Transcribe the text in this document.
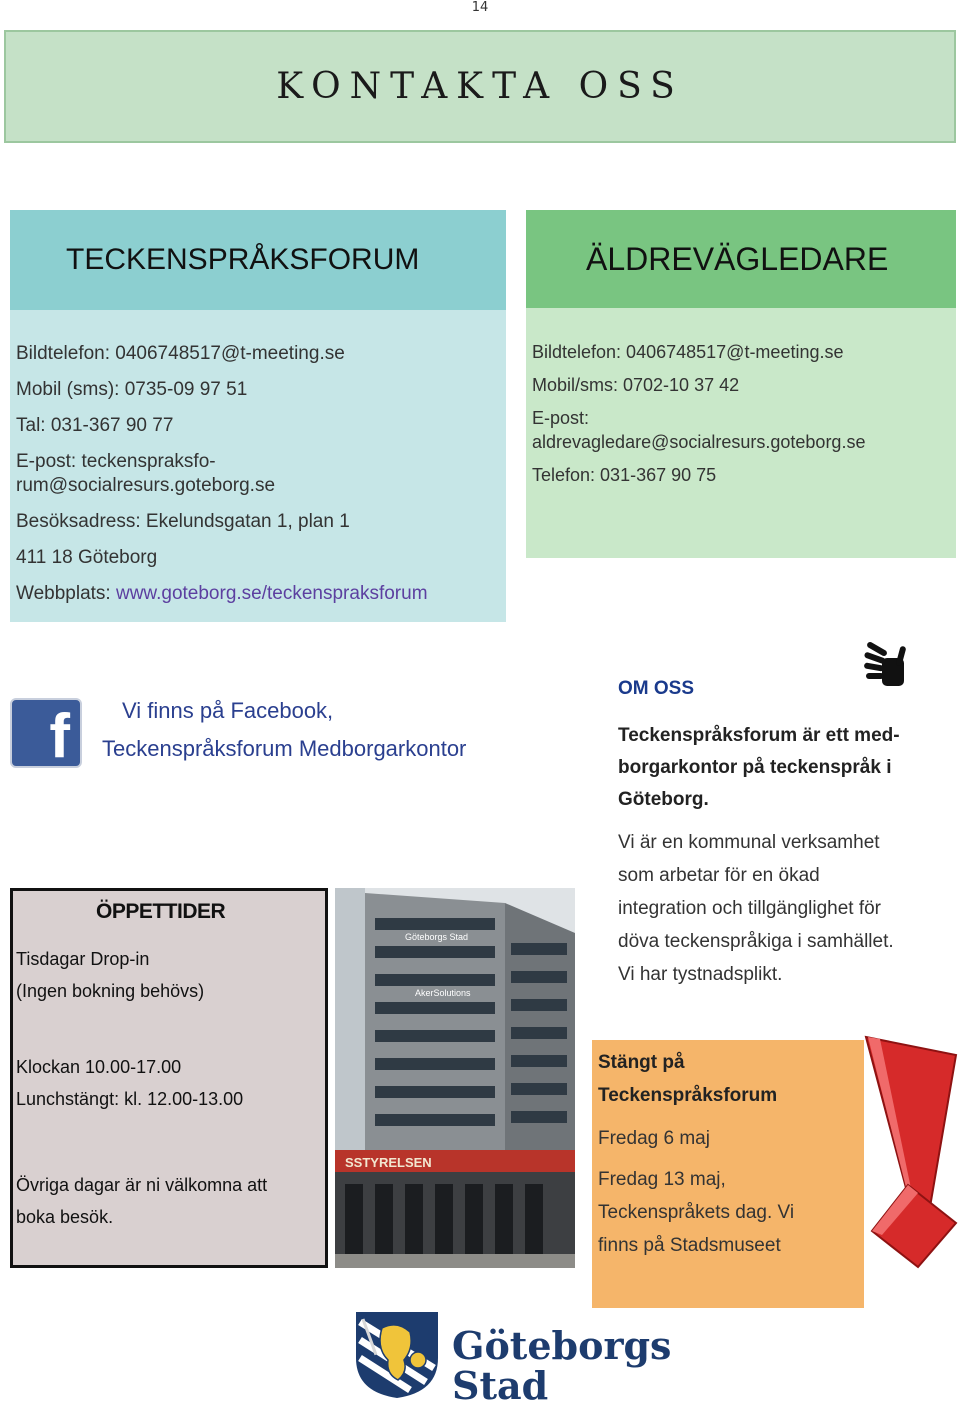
14
KONTAKTA OSS
TECKENSPRÅKSFORUM
Bildtelefon: 0406748517@t-meeting.se
Mobil (sms): 0735-09 97 51
Tal: 031-367 90 77
E-post: teckenspraksfo-
rum@socialresurs.goteborg.se
Besöksadress: Ekelundsgatan 1, plan 1
411 18 Göteborg
Webbplats: www.goteborg.se/teckenspraksforum
ÄLDREVÄGLEDARE
Bildtelefon: 0406748517@t-meeting.se
Mobil/sms: 0702-10 37 42
E-post:
aldrevagledare@socialresurs.goteborg.se
Telefon: 031-367 90 75
f Vi finns på Facebook,
Teckenspråksforum Medborgarkontor
OM OSS
Teckenspråksforum är ett med-
borgarkontor på teckenspråk i
Göteborg.
Vi är en kommunal verksamhet
som arbetar för en ökad
integration och tillgänglighet för
döva teckenspråkiga i samhället.
Vi har tystnadsplikt.
ÖPPETTIDER
Tisdagar Drop-in
(Ingen bokning behövs)
Klockan 10.00-17.00
Lunchstängt: kl. 12.00-13.00
Övriga dagar är ni välkomna att
boka besök.
SSTYRELSEN
Göteborgs Stad
AkerSolutions
Stängt på
Teckenspråksforum
Fredag 6 maj
Fredag 13 maj,
Teckenspråkets dag. Vi
finns på Stadsmuseet
Göteborgs
Stad
